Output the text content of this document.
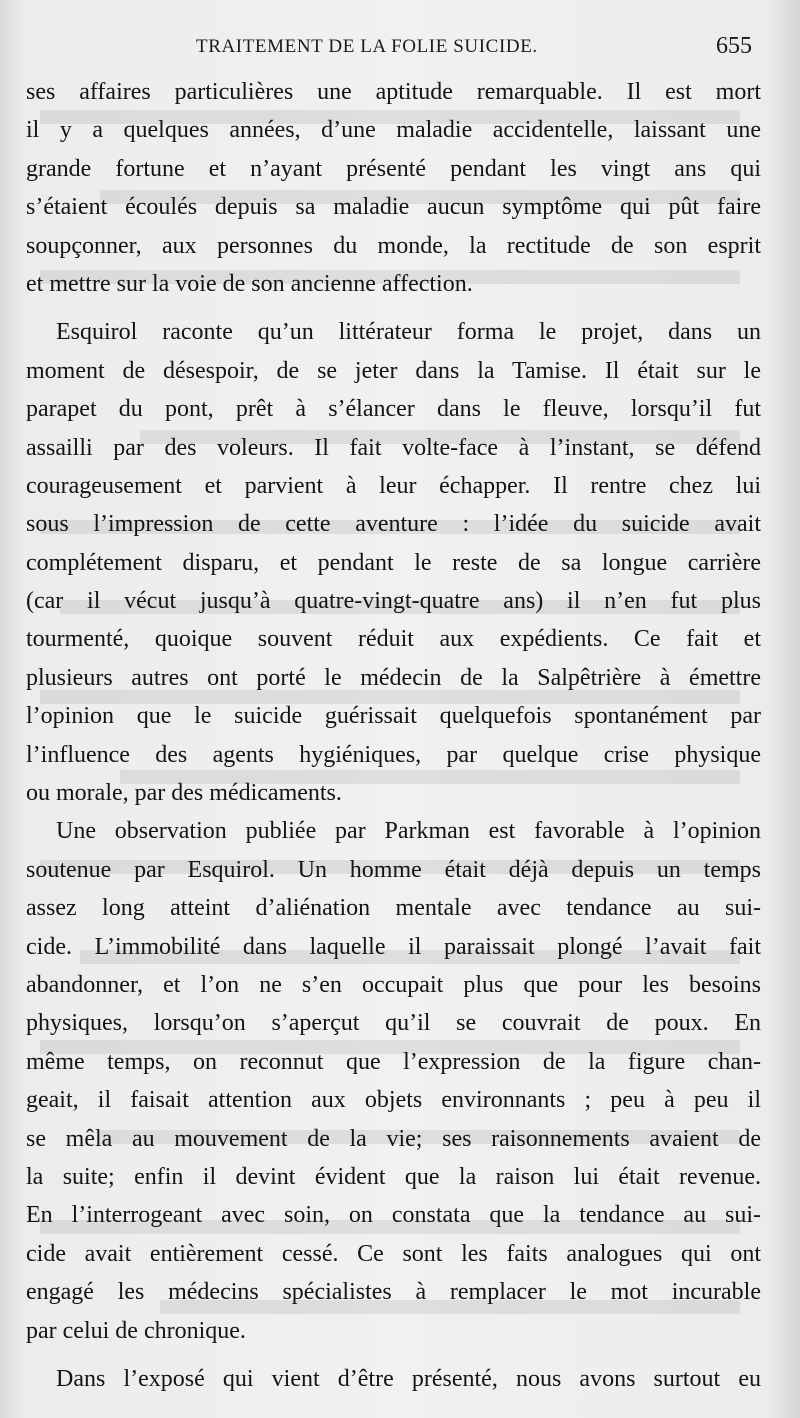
TRAITEMENT DE LA FOLIE SUICIDE.	655
ses affaires particulières une aptitude remarquable. Il est mort
il y a quelques années, d’une maladie accidentelle, laissant une
grande fortune et n’ayant présenté pendant les vingt ans qui
s’étaient écoulés depuis sa maladie aucun symptôme qui pût faire
soupçonner, aux personnes du monde, la rectitude de son esprit
et mettre sur la voie de son ancienne affection.
Esquirol raconte qu’un littérateur forma le projet, dans un
moment de désespoir, de se jeter dans la Tamise. Il était sur le
parapet du pont, prêt à s’élancer dans le fleuve, lorsqu’il fut
assailli par des voleurs. Il fait volte-face à l’instant, se défend
courageusement et parvient à leur échapper. Il rentre chez lui
sous l’impression de cette aventure : l’idée du suicide avait
complétement disparu, et pendant le reste de sa longue carrière
(car il vécut jusqu’à quatre-vingt-quatre ans) il n’en fut plus
tourmenté, quoique souvent réduit aux expédients. Ce fait et
plusieurs autres ont porté le médecin de la Salpêtrière à émettre
l’opinion que le suicide guérissait quelquefois spontanément par
l’influence des agents hygiéniques, par quelque crise physique
ou morale, par des médicaments.
Une observation publiée par Parkman est favorable à l’opinion
soutenue par Esquirol. Un homme était déjà depuis un temps
assez long atteint d’aliénation mentale avec tendance au sui-
cide. L’immobilité dans laquelle il paraissait plongé l’avait fait
abandonner, et l’on ne s’en occupait plus que pour les besoins
physiques, lorsqu’on s’aperçut qu’il se couvrait de poux. En
même temps, on reconnut que l’expression de la figure chan-
geait, il faisait attention aux objets environnants ; peu à peu il
se mêla au mouvement de la vie; ses raisonnements avaient de
la suite; enfin il devint évident que la raison lui était revenue.
En l’interrogeant avec soin, on constata que la tendance au sui-
cide avait entièrement cessé. Ce sont les faits analogues qui ont
engagé les médecins spécialistes à remplacer le mot incurable
par celui de chronique.
Dans l’exposé qui vient d’être présenté, nous avons surtout eu
